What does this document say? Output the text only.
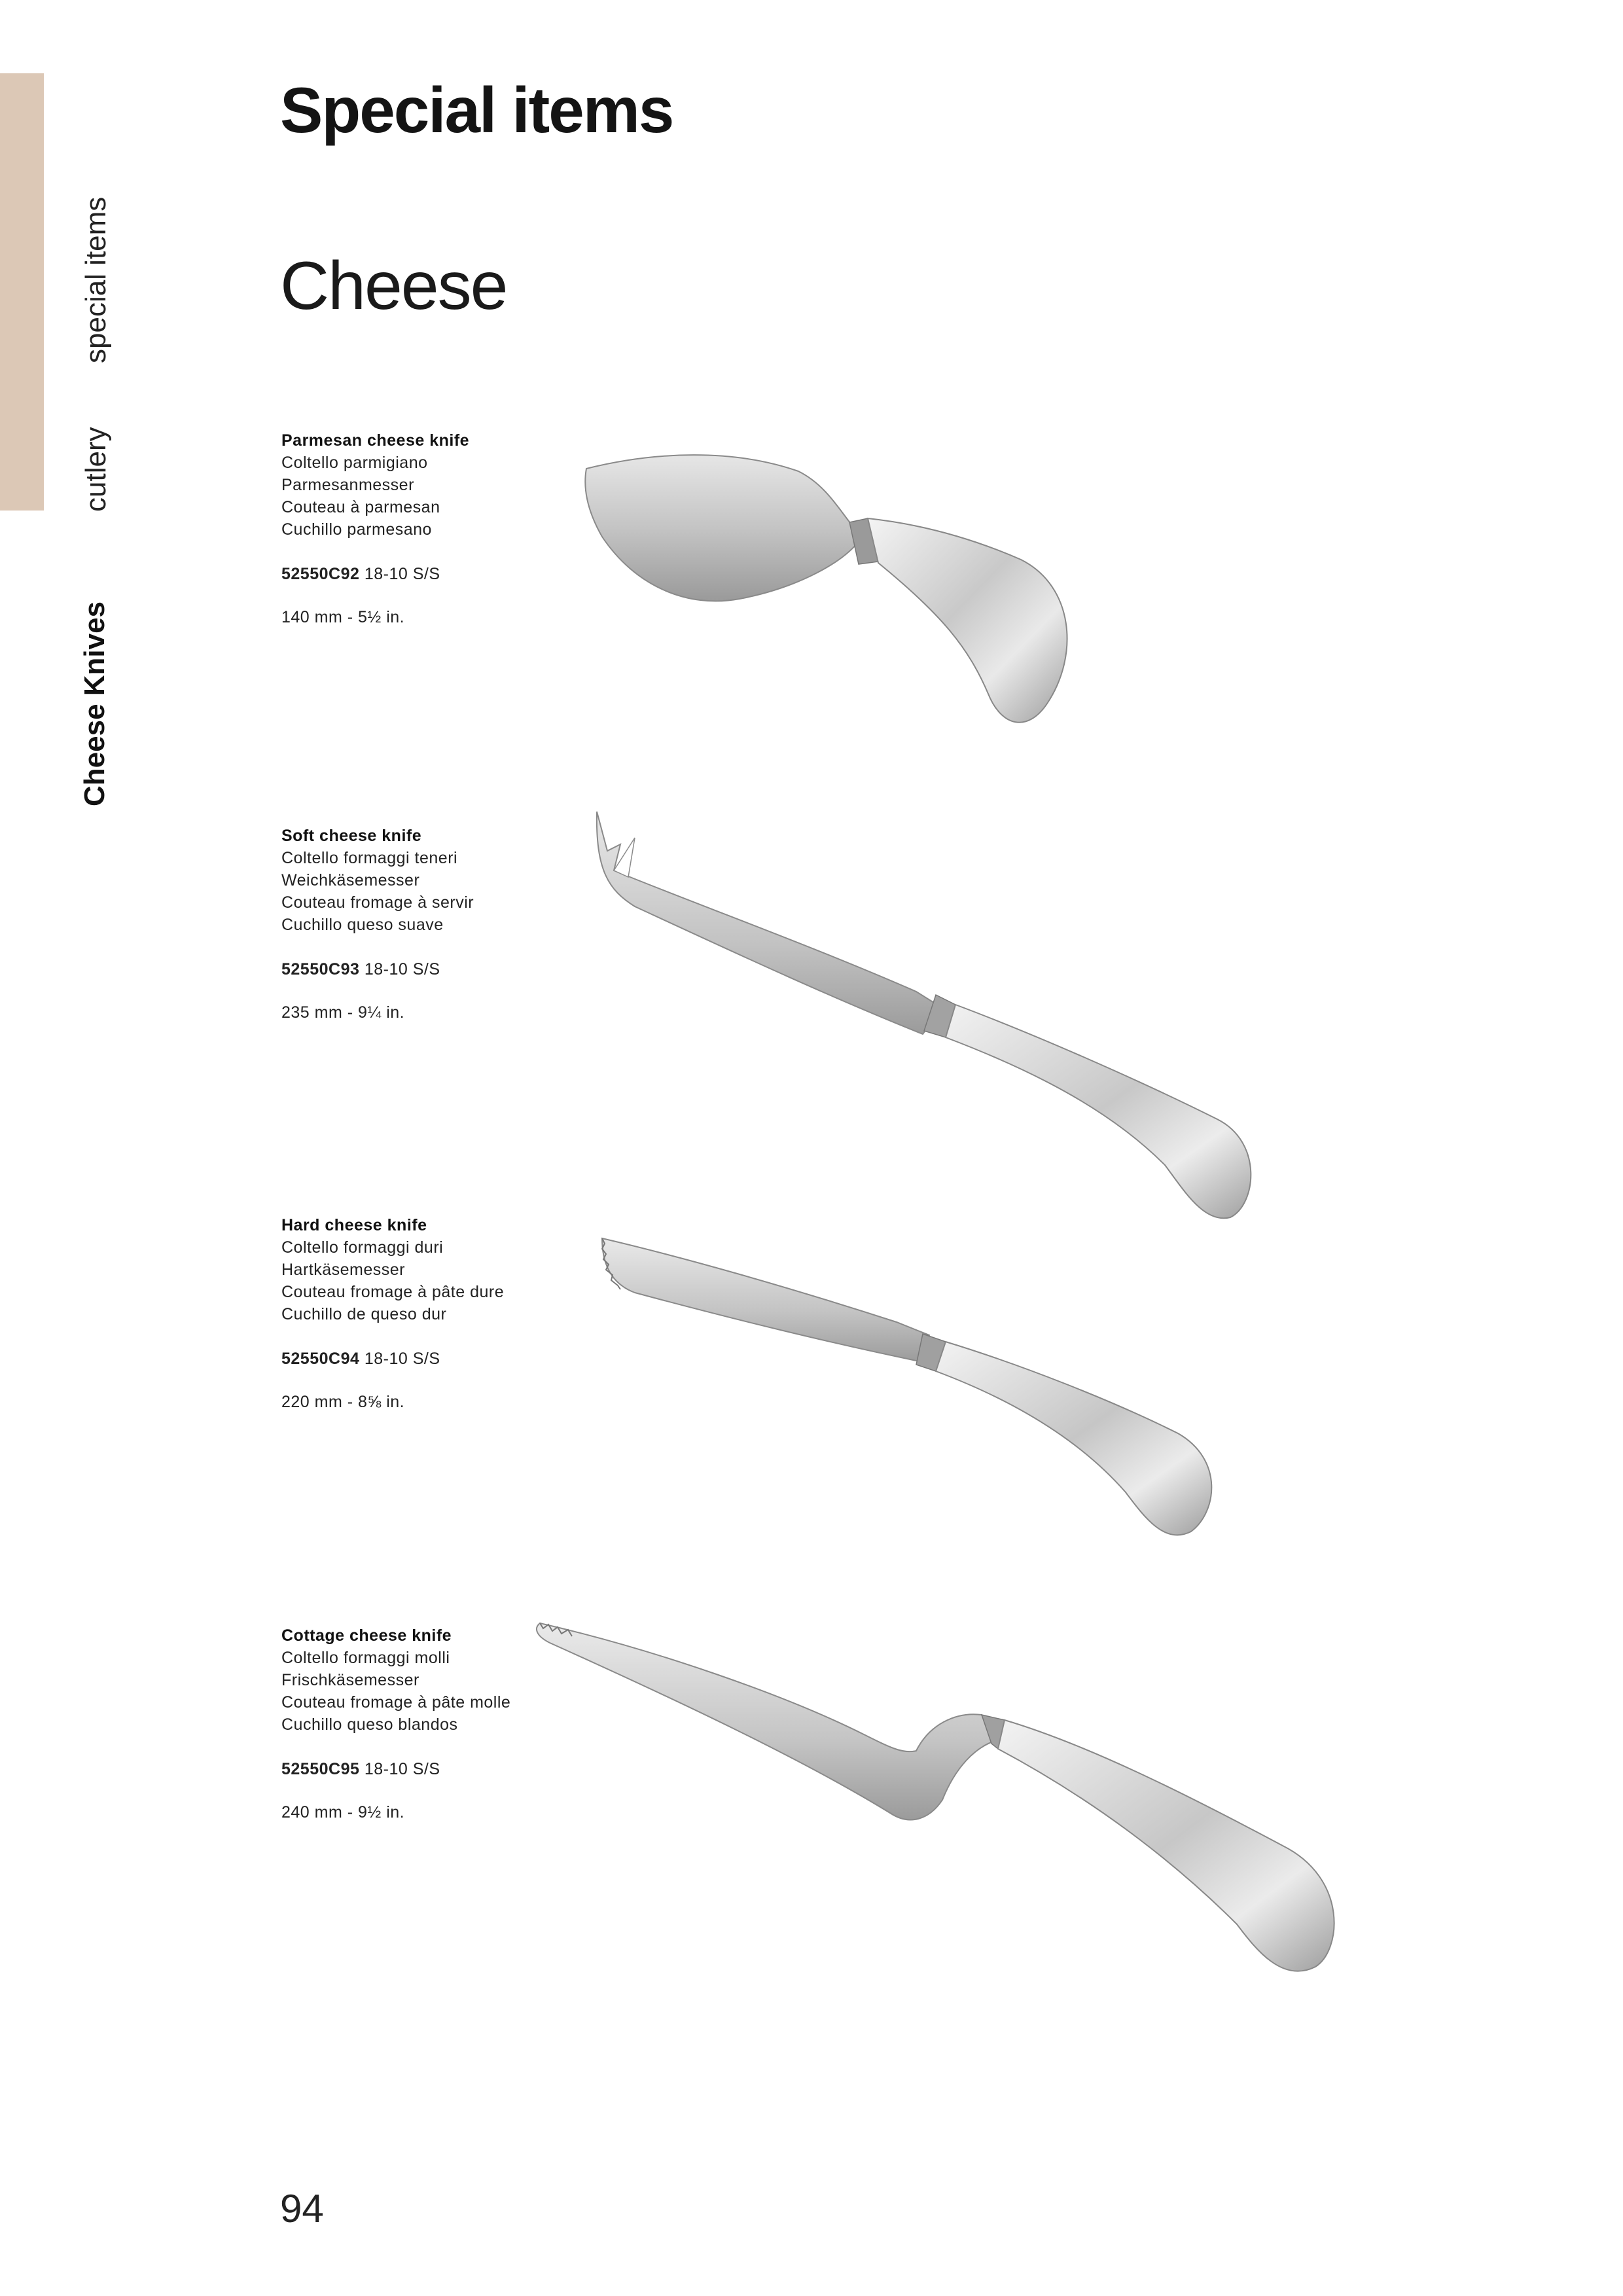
cutlery
special items
Cheese Knives
Special items
Cheese
Parmesan cheese knife
Coltello parmigiano
Parmesanmesser
Couteau à parmesan
Cuchillo parmesano
52550C92 18-10 S/S
140 mm - 5½ in.
Soft cheese knife
Coltello formaggi teneri
Weichkäsemesser
Couteau fromage à servir
Cuchillo queso suave
52550C93 18-10 S/S
235 mm - 9¼ in.
Hard cheese knife
Coltello formaggi duri
Hartkäsemesser
Couteau fromage à pâte dure
Cuchillo de queso dur
52550C94 18-10 S/S
220 mm - 8⅝ in.
Cottage cheese knife
Coltello formaggi molli
Frischkäsemesser
Couteau fromage à pâte molle
Cuchillo queso blandos
52550C95 18-10 S/S
240 mm - 9½ in.

94
